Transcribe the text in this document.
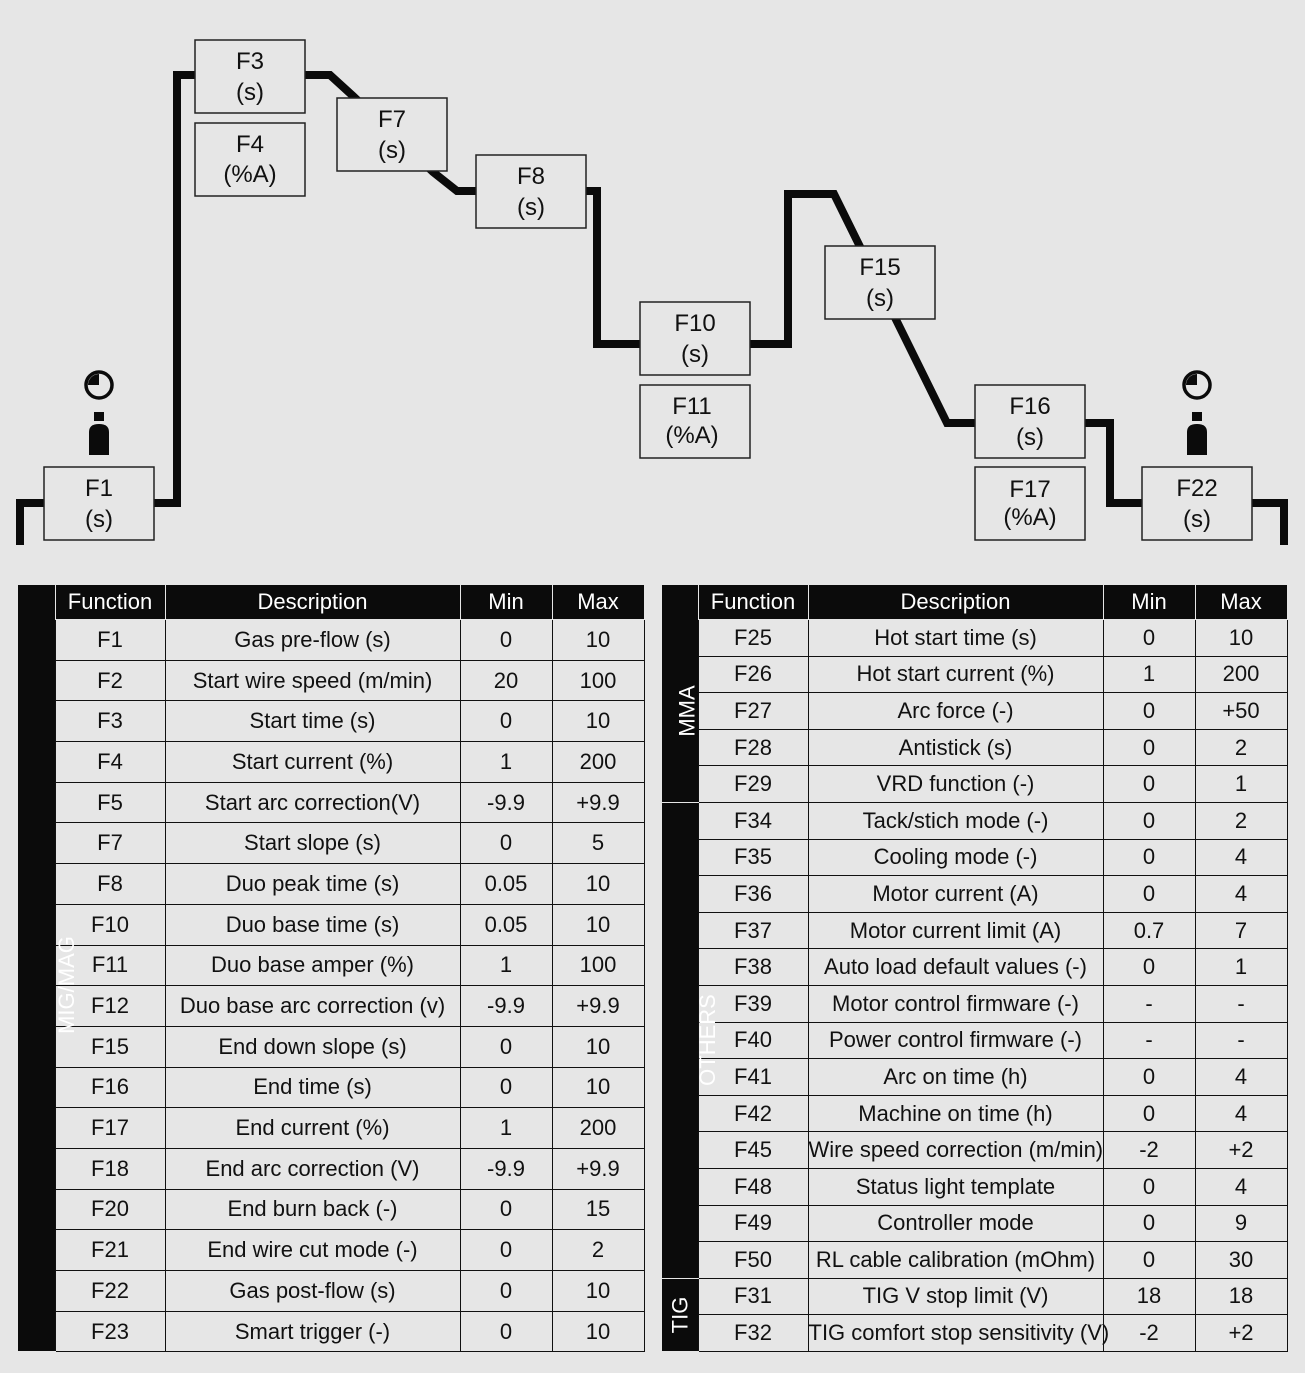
F1
(s)
F3
(s)
F4
(%A)
F7
(s)
F8
(s)
F10
(s)
F11
(%A)
F15
(s)
F16
(s)
F17
(%A)
F22
(s)
	Function	Description	Min	Max
MIG/MAG	F1	Gas pre-flow (s)	0	10
	F2	Start wire speed (m/min)	20	100
	F3	Start time (s)	0	10
	F4	Start current (%)	1	200
	F5	Start arc correction(V)	-9.9	+9.9
	F7	Start slope (s)	0	5
	F8	Duo peak time (s)	0.05	10
	F10	Duo base time (s)	0.05	10
	F11	Duo base amper (%)	1	100
	F12	Duo base arc correction (v)	-9.9	+9.9
	F15	End down slope (s)	0	10
	F16	End time (s)	0	10
	F17	End current (%)	1	200
	F18	End arc correction (V)	-9.9	+9.9
	F20	End burn back (-)	0	15
	F21	End wire cut mode (-)	0	2
	F22	Gas post-flow (s)	0	10
	F23	Smart trigger (-)	0	10
	Function	Description	Min	Max
MMA	F25	Hot start time (s)	0	10
	F26	Hot start current (%)	1	200
	F27	Arc force (-)	0	+50
	F28	Antistick (s)	0	2
	F29	VRD function (-)	0	1
OTHERS	F34	Tack/stich mode (-)	0	2
	F35	Cooling mode (-)	0	4
	F36	Motor current (A)	0	4
	F37	Motor current limit (A)	0.7	7
	F38	Auto load default values (-)	0	1
	F39	Motor control firmware (-)	-	-
	F40	Power control firmware (-)	-	-
	F41	Arc on time (h)	0	4
	F42	Machine on time (h)	0	4
	F45	Wire speed correction (m/min)	-2	+2
	F48	Status light template	0	4
	F49	Controller mode	0	9
	F50	RL cable calibration (mOhm)	0	30
TIG	F31	TIG V stop limit (V)	18	18
	F32	TIG comfort stop sensitivity (V)	-2	+2
